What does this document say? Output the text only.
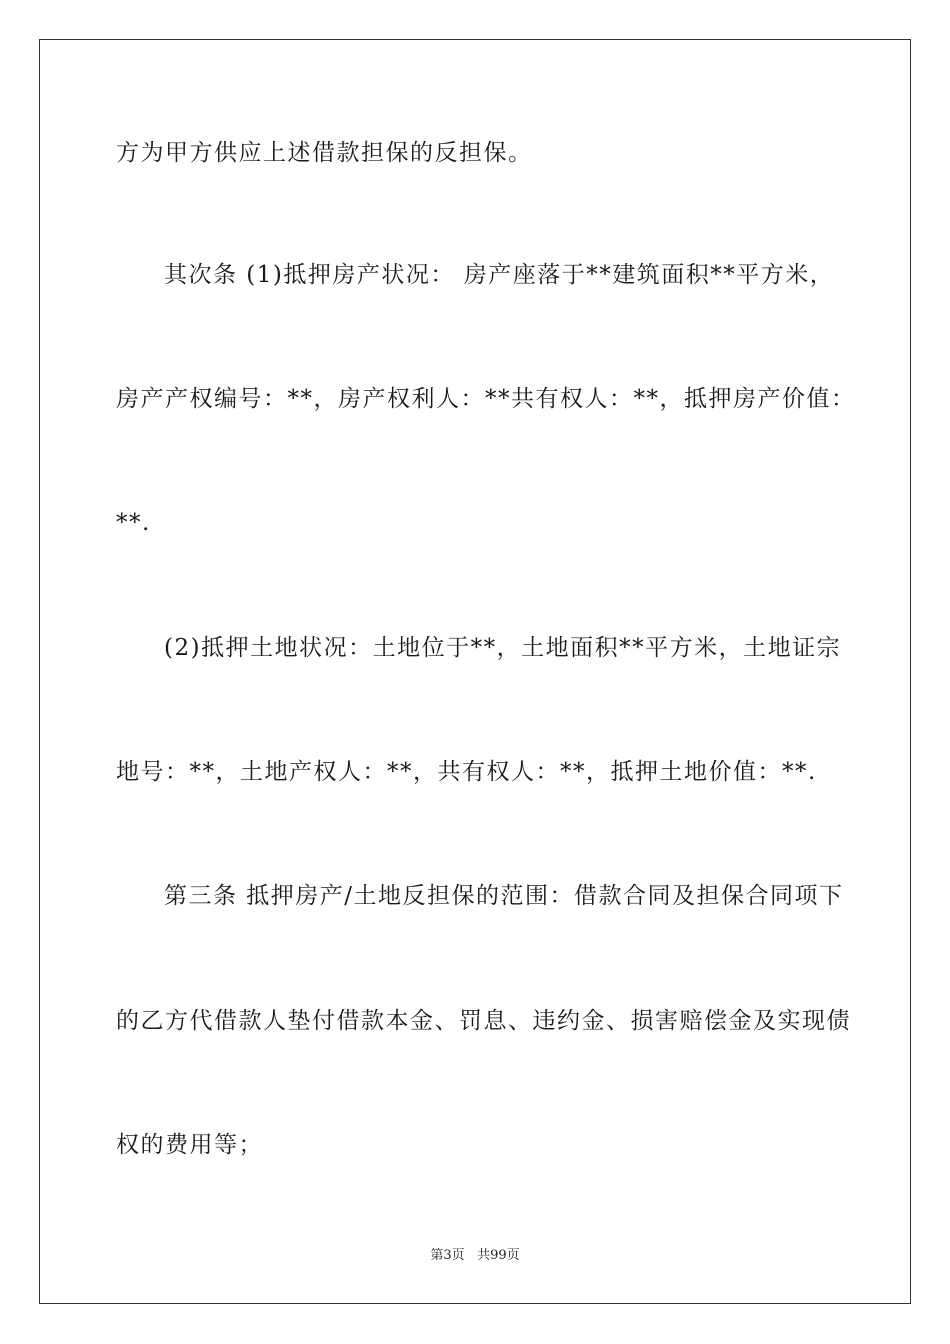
方为甲方供应上述借款担保的反担保。
其次条 (1)抵押房产状况： 房产座落于**建筑面积**平方米，
房产产权编号：**，房产权利人：**共有权人：**，抵押房产价值：
**.
(2)抵押土地状况：土地位于**，土地面积**平方米，土地证宗
地号：**，土地产权人：**，共有权人：**，抵押土地价值：**.
第三条 抵押房产/土地反担保的范围：借款合同及担保合同项下
的乙方代借款人垫付借款本金、罚息、违约金、损害赔偿金及实现债
权的费用等；
第3页 共99页
